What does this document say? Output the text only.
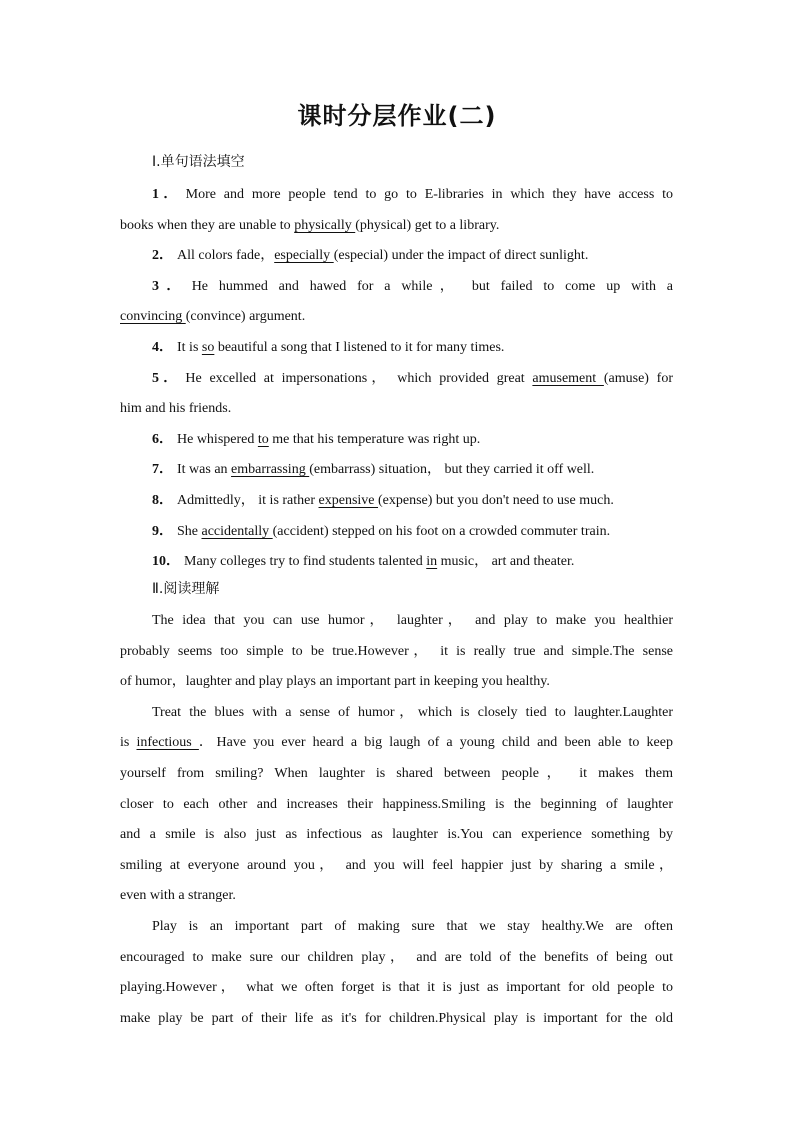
课时分层作业(二)
Ⅰ.单句语法填空
1． More and more people tend to go to E-libraries in which they have access to
books when they are unable to physically (physical) get to a library.
2． All colors fade，especially (especial) under the impact of direct sunlight.
3． He hummed and hawed for a while， but failed to come up with a
convincing (convince) argument.
4． It is so beautiful a song that I listened to it for many times.
5． He excelled at impersonations， which provided great amusement (amuse) for
him and his friends.
6． He whispered to me that his temperature was right up.
7． It was an embarrassing (embarrass) situation， but they carried it off well.
8． Admittedly， it is rather expensive (expense) but you don't need to use much.
9． She accidentally (accident) stepped on his foot on a crowded commuter train.
10． Many colleges try to find students talented in music， art and theater.
Ⅱ.阅读理解
The idea that you can use humor， laughter， and play to make you healthier
probably seems too simple to be true.However， it is really true and simple.The sense
of humor，laughter and play plays an important part in keeping you healthy.
Treat the blues with a sense of humor，which is closely tied to laughter.Laughter
is infectious ．Have you ever heard a big laugh of a young child and been able to keep
yourself from smiling? When laughter is shared between people， it makes them
closer to each other and increases their happiness.Smiling is the beginning of laughter
and a smile is also just as infectious as laughter is.You can experience something by
smiling at everyone around you， and you will feel happier just by sharing a smile，
even with a stranger.
Play is an important part of making sure that we stay healthy.We are often
encouraged to make sure our children play， and are told of the benefits of being out
playing.However， what we often forget is that it is just as important for old people to
make play be part of their life as it's for children.Physical play is important for the old
